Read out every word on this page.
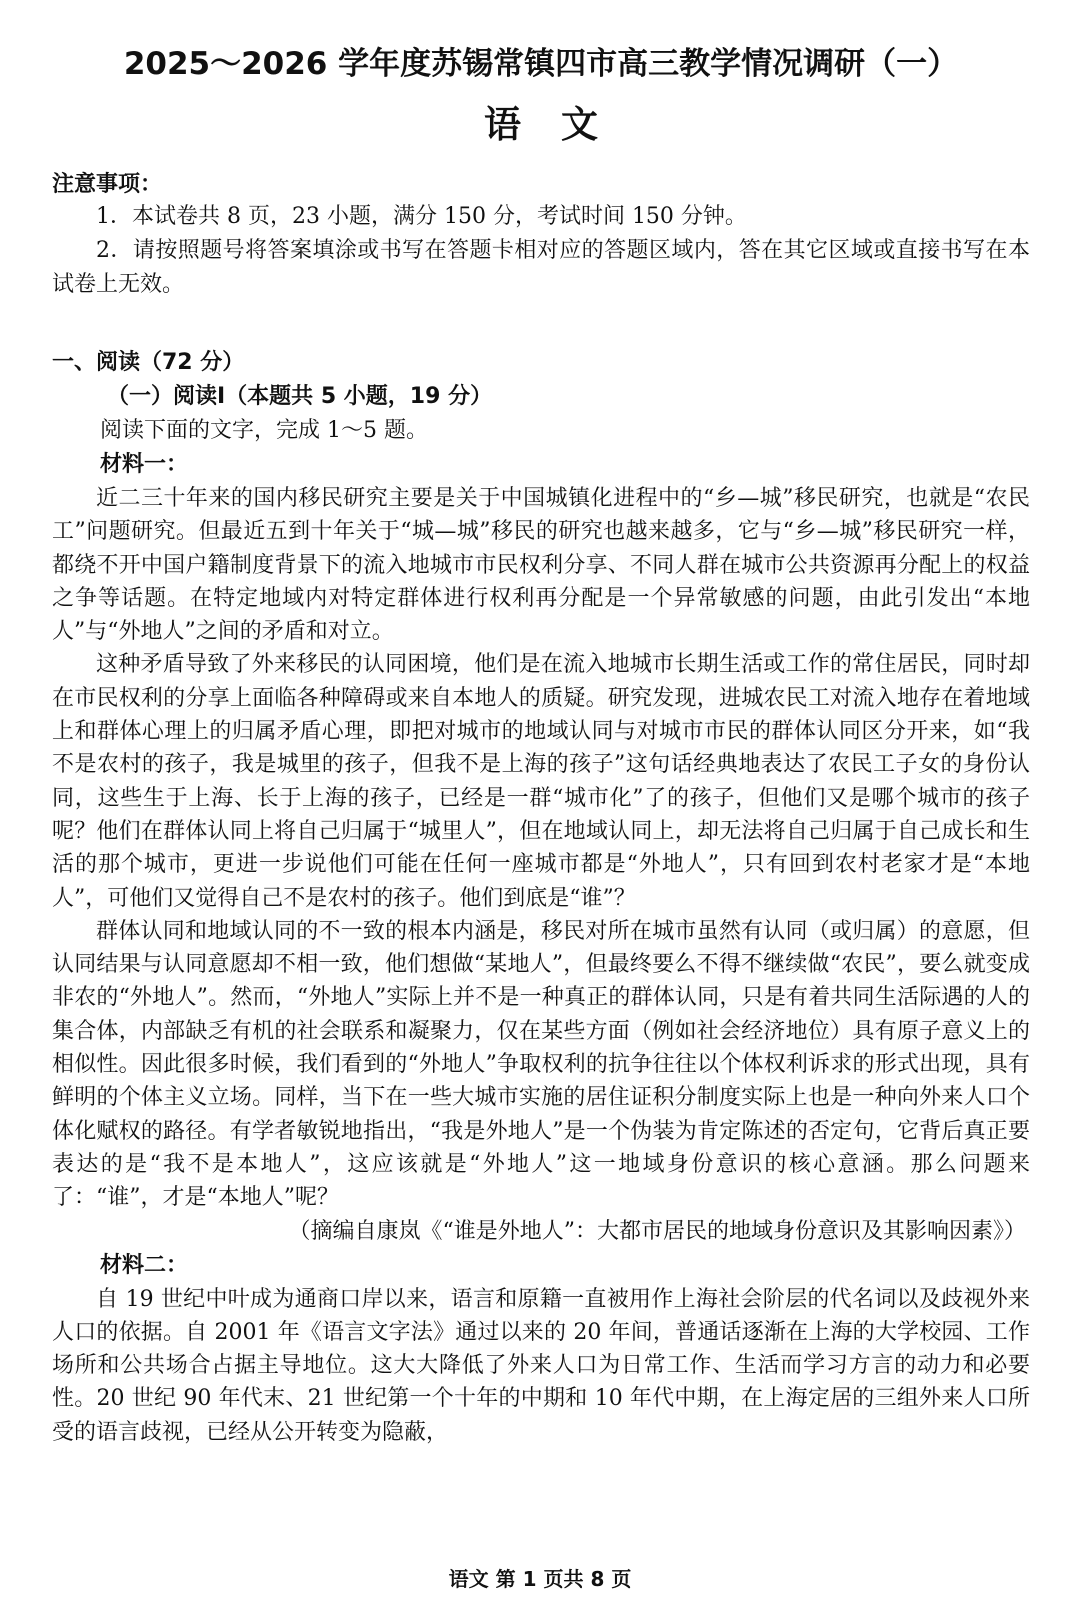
2025～2026 学年度苏锡常镇四市高三教学情况调研（一）
语文
注意事项：

1．本试卷共 8 页，23 小题，满分 150 分，考试时间 150 分钟。

2．请按照题号将答案填涂或书写在答题卡相对应的答题区域内，答在其它区域或直接书写在本试卷上无效。

一、阅读（72 分）
（一）阅读Ⅰ（本题共 5 小题，19 分）
阅读下面的文字，完成 1～5 题。
材料一：

近二三十年来的国内移民研究主要是关于中国城镇化进程中的“乡—城”移民研究，也就是“农民工”问题研究。但最近五到十年关于“城—城”移民的研究也越来越多，它与“乡—城”移民研究一样，都绕不开中国户籍制度背景下的流入地城市市民权利分享、不同人群在城市公共资源再分配上的权益之争等话题。在特定地域内对特定群体进行权利再分配是一个异常敏感的问题，由此引发出“本地人”与“外地人”之间的矛盾和对立。

这种矛盾导致了外来移民的认同困境，他们是在流入地城市长期生活或工作的常住居民，同时却在市民权利的分享上面临各种障碍或来自本地人的质疑。研究发现，进城农民工对流入地存在着地域上和群体心理上的归属矛盾心理，即把对城市的地域认同与对城市市民的群体认同区分开来，如“我不是农村的孩子，我是城里的孩子，但我不是上海的孩子”这句话经典地表达了农民工子女的身份认同，这些生于上海、长于上海的孩子，已经是一群“城市化”了的孩子，但他们又是哪个城市的孩子呢？他们在群体认同上将自己归属于“城里人”，但在地域认同上，却无法将自己归属于自己成长和生活的那个城市，更进一步说他们可能在任何一座城市都是“外地人”，只有回到农村老家才是“本地人”，可他们又觉得自己不是农村的孩子。他们到底是“谁”？

群体认同和地域认同的不一致的根本内涵是，移民对所在城市虽然有认同（或归属）的意愿，但认同结果与认同意愿却不相一致，他们想做“某地人”，但最终要么不得不继续做“农民”，要么就变成非农的“外地人”。然而，“外地人”实际上并不是一种真正的群体认同，只是有着共同生活际遇的人的集合体，内部缺乏有机的社会联系和凝聚力，仅在某些方面（例如社会经济地位）具有原子意义上的相似性。因此很多时候，我们看到的“外地人”争取权利的抗争往往以个体权利诉求的形式出现，具有鲜明的个体主义立场。同样，当下在一些大城市实施的居住证积分制度实际上也是一种向外来人口个体化赋权的路径。有学者敏锐地指出，“我是外地人”是一个伪装为肯定陈述的否定句，它背后真正要表达的是“我不是本地人”，这应该就是“外地人”这一地域身份意识的核心意涵。那么问题来了：“谁”，才是“本地人”呢？

（摘编自康岚《“谁是外地人”：大都市居民的地域身份意识及其影响因素》）
材料二：

自 19 世纪中叶成为通商口岸以来，语言和原籍一直被用作上海社会阶层的代名词以及歧视外来人口的依据。自 2001 年《语言文字法》通过以来的 20 年间，普通话逐渐在上海的大学校园、工作场所和公共场合占据主导地位。这大大降低了外来人口为日常工作、生活而学习方言的动力和必要性。20 世纪 90 年代末、21 世纪第一个十年的中期和 10 年代中期，在上海定居的三组外来人口所受的语言歧视，已经从公开转变为隐蔽，

语文 第 1 页共 8 页
